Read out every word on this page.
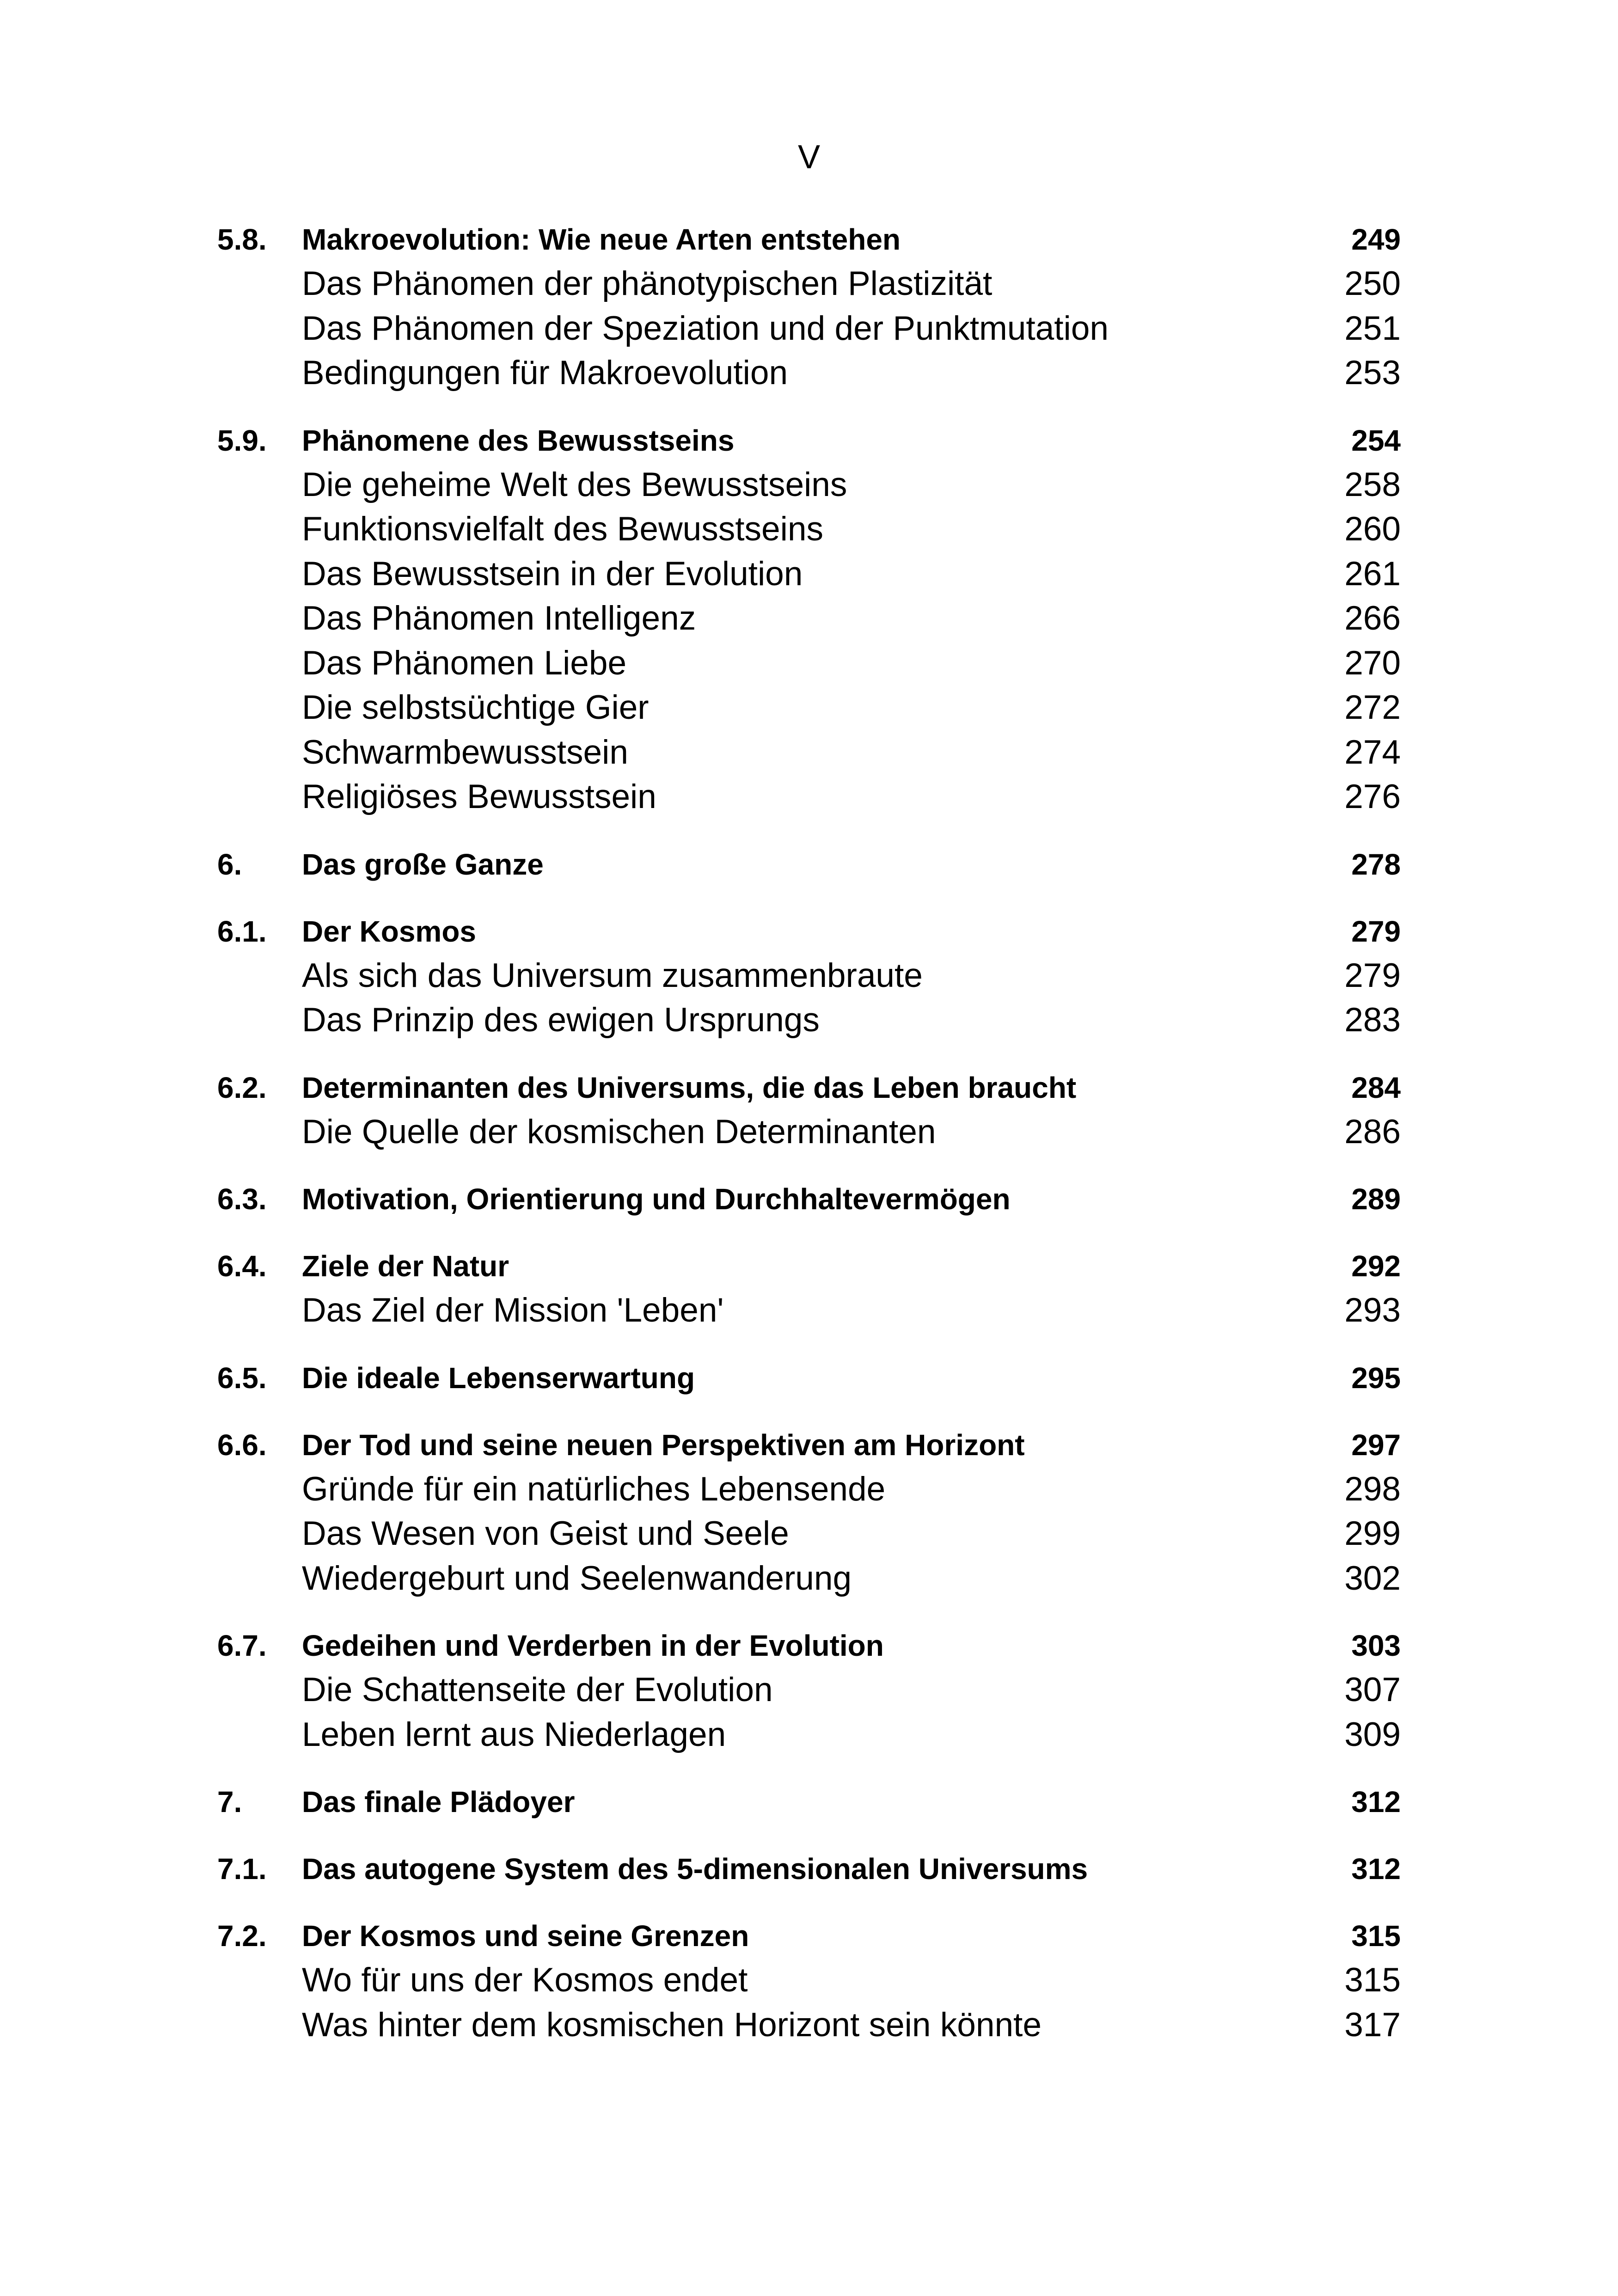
V
5.8.	Makroevolution: Wie neue Arten entstehen	249
Das Phänomen der phänotypischen Plastizität	250
Das Phänomen der Speziation und der Punktmutation	251
Bedingungen für Makroevolution	253
5.9.	Phänomene des Bewusstseins	254
Die geheime Welt des Bewusstseins	258
Funktionsvielfalt des Bewusstseins	260
Das Bewusstsein in der Evolution	261
Das Phänomen Intelligenz	266
Das Phänomen Liebe	270
Die selbstsüchtige Gier	272
Schwarmbewusstsein	274
Religiöses Bewusstsein	276
6.	Das große Ganze	278
6.1.	Der Kosmos	279
Als sich das Universum zusammenbraute	279
Das Prinzip des ewigen Ursprungs	283
6.2.	Determinanten des Universums, die das Leben braucht	284
Die Quelle der kosmischen Determinanten	286
6.3.	Motivation, Orientierung und Durchhaltevermögen	289
6.4.	Ziele der Natur	292
Das Ziel der Mission 'Leben'	293
6.5.	Die ideale Lebenserwartung	295
6.6.	Der Tod und seine neuen Perspektiven am Horizont	297
Gründe für ein natürliches Lebensende	298
Das Wesen von Geist und Seele	299
Wiedergeburt und Seelenwanderung	302
6.7.	Gedeihen und Verderben in der Evolution	303
Die Schattenseite der Evolution	307
Leben lernt aus Niederlagen	309
7.	Das finale Plädoyer	312
7.1.	Das autogene System des 5-dimensionalen Universums	312
7.2.	Der Kosmos und seine Grenzen	315
Wo für uns der Kosmos endet	315
Was hinter dem kosmischen Horizont sein könnte	317
